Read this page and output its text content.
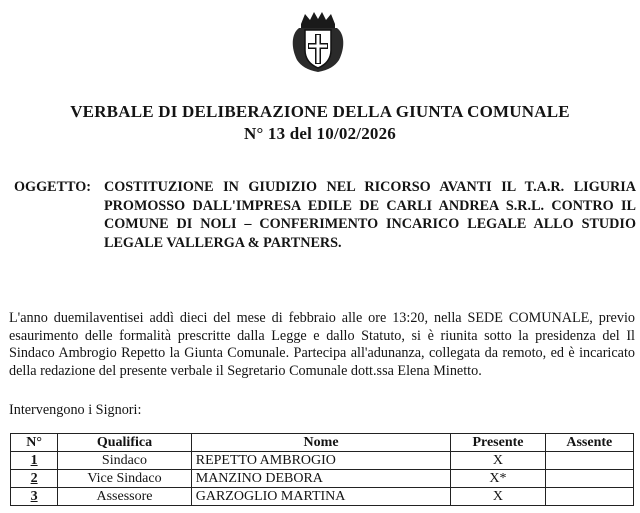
VERBALE DI DELIBERAZIONE DELLA GIUNTA COMUNALE
N° 13 del 10/02/2026
OGGETTO: COSTITUZIONE IN GIUDIZIO NEL RICORSO AVANTI IL T.A.R. LIGURIA PROMOSSO DALL'IMPRESA EDILE DE CARLI ANDREA S.R.L. CONTRO IL COMUNE DI NOLI – CONFERIMENTO INCARICO LEGALE ALLO STUDIO LEGALE VALLERGA & PARTNERS.
L'anno duemilaventisei addì dieci del mese di febbraio alle ore 13:20, nella SEDE COMUNALE, previo esaurimento delle formalità prescritte dalla Legge e dallo Statuto, si è riunita sotto la presidenza del Il Sindaco Ambrogio Repetto la Giunta Comunale. Partecipa all'adunanza, collegata da remoto, ed è incaricato della redazione del presente verbale il Segretario Comunale dott.ssa Elena Minetto.
Intervengono i Signori:
N°	Qualifica	Nome	Presente	Assente
1	Sindaco	REPETTO AMBROGIO	X	
2	Vice Sindaco	MANZINO DEBORA	X*	
3	Assessore	GARZOGLIO MARTINA	X	
